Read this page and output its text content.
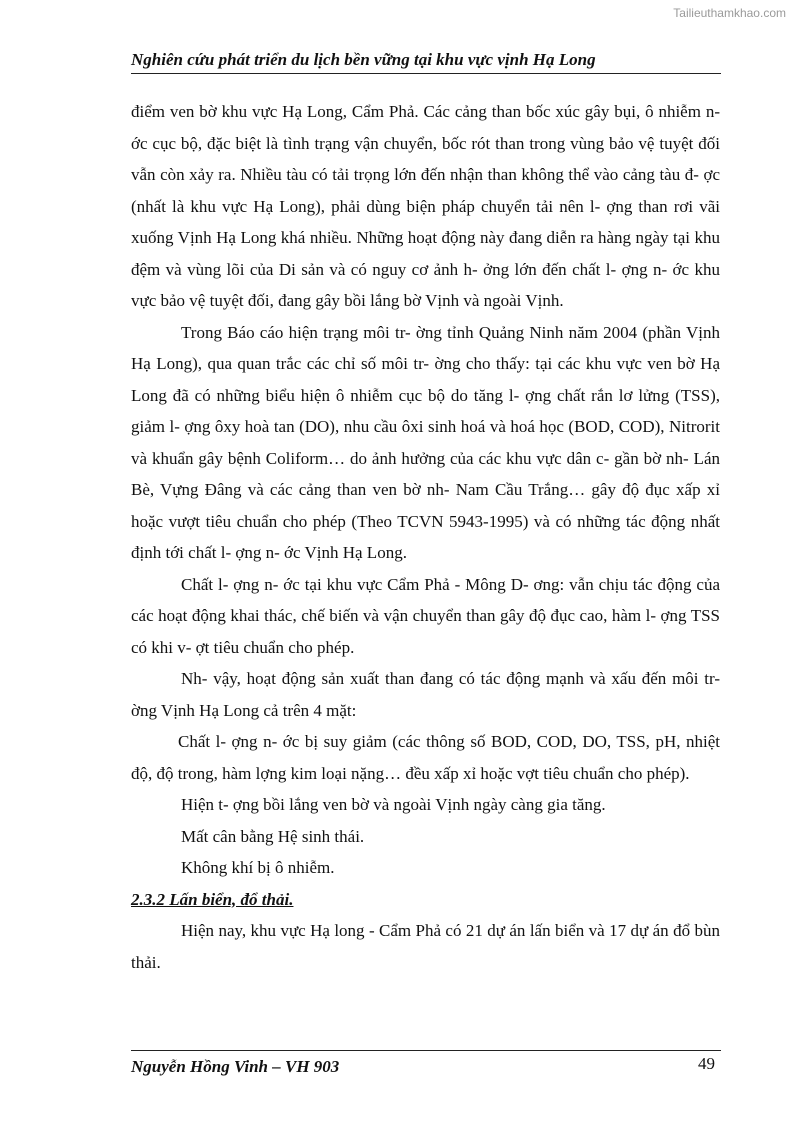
Tailieuthamkhao.com
Nghiên cứu phát triển du lịch bền vững tại khu vực vịnh Hạ Long

điểm ven bờ khu vực Hạ Long, Cẩm Phả. Các cảng than bốc xúc gây bụi, ô nhiễm n- ớc cục bộ, đặc biệt là tình trạng vận chuyển, bốc rót than trong vùng bảo vệ tuyệt đối vẫn còn xảy ra. Nhiều tàu có tải trọng lớn đến nhận than không thể vào cảng tàu đ- ợc (nhất là khu vực Hạ Long), phải dùng biện pháp chuyển tải nên l- ợng than rơi vãi xuống Vịnh Hạ Long khá nhiều. Những hoạt động này đang diễn ra hàng ngày tại khu đệm và vùng lõi của Di sản và có nguy cơ ảnh h- ởng lớn đến chất l- ợng n- ớc khu vực bảo vệ tuyệt đối, đang gây bồi lắng bờ Vịnh và ngoài Vịnh.

Trong Báo cáo hiện trạng môi tr- ờng tỉnh Quảng Ninh năm 2004 (phần Vịnh Hạ Long), qua quan trắc các chỉ số môi tr- ờng cho thấy: tại các khu vực ven bờ Hạ Long đã có những biểu hiện ô nhiễm cục bộ do tăng l- ợng chất rắn lơ lửng (TSS), giảm l- ợng ôxy hoà tan (DO), nhu cầu ôxi sinh hoá và hoá học (BOD, COD), Nitrorit và khuẩn gây bệnh Coliform… do ảnh hưởng của các khu vực dân c- gần bờ nh- Lán Bè, Vựng Đâng và các cảng than ven bờ nh- Nam Cầu Trắng… gây độ đục xấp xỉ hoặc vượt tiêu chuẩn cho phép (Theo TCVN 5943-1995) và có những tác động nhất định tới chất l- ợng n- ớc Vịnh Hạ Long.

Chất l- ợng n- ớc tại khu vực Cẩm Phả - Mông D- ơng: vẫn chịu tác động của các hoạt động khai thác, chế biến và vận chuyển than gây độ đục cao, hàm l- ợng TSS có khi v- ợt tiêu chuẩn cho phép.

Nh- vậy, hoạt động sản xuất than đang có tác động mạnh và xấu đến môi tr- ờng Vịnh Hạ Long cả trên 4 mặt:

Chất l- ợng n- ớc bị suy giảm (các thông số BOD, COD, DO, TSS, pH, nhiệt độ, độ trong, hàm lợng kim loại nặng… đều xấp xỉ hoặc vợt tiêu chuẩn cho phép).

Hiện t- ợng bồi lắng ven bờ và ngoài Vịnh ngày càng gia tăng.

Mất cân bằng Hệ sinh thái.

Không khí bị ô nhiễm.

2.3.2 Lấn biển, đổ thải.

Hiện nay, khu vực Hạ long - Cẩm Phả có 21 dự án lấn biển và 17 dự án đổ bùn thải.

Nguyễn Hồng Vinh – VH 903	49
